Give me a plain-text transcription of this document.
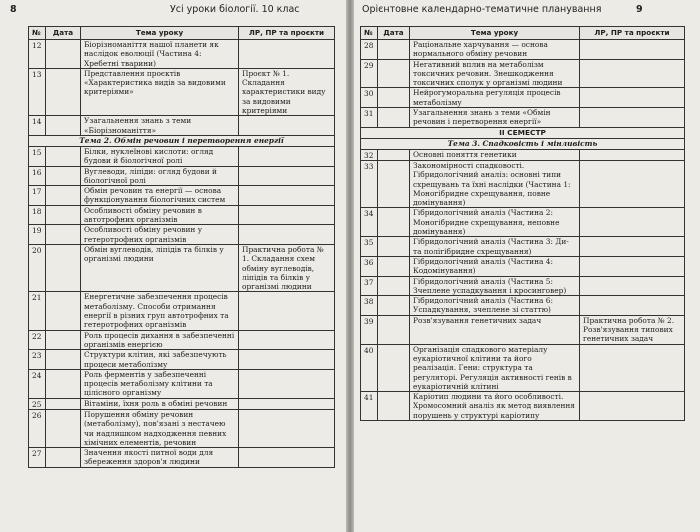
8	Усі уроки біології. 10 клас
№	Дата	Тема уроку	ЛР, ПР та проєкти
12		Біорізноманіття нашої планети як наслідок еволюції (Частина 4: Хребетні тварини)	
13		Представлення проєктів «Характеристика видів за видовими критеріями»	Проєкт № 1. Складання характеристики виду за видовими критеріями
14		Узагальнення знань з теми «Біорізноманіття»	
Тема 2. Обмін речовин і перетворення енергії			
15		Білки, нуклеїнові кислоти: огляд будови й біологічної ролі	
16		Вуглеводи, ліпіди: огляд будови й біологічної ролі	
17		Обмін речовин та енергії — основа функціонування біологічних систем	
18		Особливості обміну речовин в автотрофних організмів	
19		Особливості обміну речовин у гетеротрофних організмів	
20		Обмін вуглеводів, ліпідів та білків у організмі людини	Практична робота № 1. Складання схем обміну вуглеводів, ліпідів та білків у організмі людини
21		Енергетичне забезпечення процесів метаболізму. Способи отримання енергії в різних груп автотрофних та гетеротрофних організмів	
22		Роль процесів дихання в забезпеченні організмів енергією	
23		Структури клітин, які забезпечують процеси метаболізму	
24		Роль ферментів у забезпеченні процесів метаболізму клітини та цілісного організму	
25		Вітаміни, їхня роль в обміні речовин	
26		Порушення обміну речовин (метаболізму), пов'язані з нестачею чи надлишком надходження певних хімічних елементів, речовин	
27		Значення якості питної води для збереження здоров'я людини	
Орієнтовне календарно-тематичне планування	9
№	Дата	Тема уроку	ЛР, ПР та проєкти
28		Раціональне харчування — основа нормального обміну речовин	
29		Негативний вплив на метаболізм токсичних речовин. Знешкодження токсичних сполук у організмі людини	
30		Нейрогуморальна регуляція процесів метаболізму	
31		Узагальнення знань з теми «Обмін речовин і перетворення енергії»	
II СЕМЕСТР			
Тема 3. Спадковість і мінливість			
32		Основні поняття генетики	
33		Закономірності спадковості. Гібридологічний аналіз: основні типи схрещувань та їхні наслідки (Частина 1: Моногібридне схрещування, повне домінування)	
34		Гібридологічний аналіз (Частина 2: Моногібридне схрещування, неповне домінування)	
35		Гібридологічний аналіз (Частина 3: Ди- та полігібридне схрещування)	
36		Гібридологічний аналіз (Частина 4: Кодомінування)	
37		Гібридологічний аналіз (Частина 5: Зчеплене успадкування і кросинговер)	
38		Гібридологічний аналіз (Частина 6: Успадкування, зчеплене зі статтю)	
39		Розв'язування генетичних задач	Практична робота № 2. Розв'язування типових генетичних задач
40		Організація спадкового матеріалу еукаріотичної клітини та його реалізація. Гени: структура та регуляторі. Регуляція активності генів в еукаріотичній клітині	
41		Каріотип людини та його особливості. Хромосомний аналіз як метод виявлення порушень у структурі каріотипу	
